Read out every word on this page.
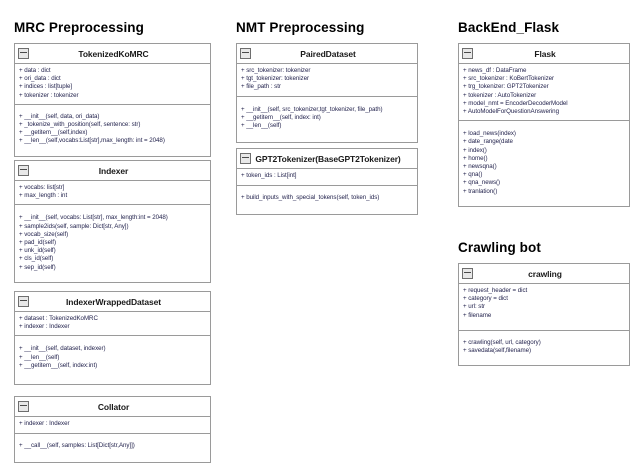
MRC Preprocessing
TokenizedKoMRC
+ data : dict
+ ori_data : dict
+ indices : list[tuple]
+ tokenizer : tokenizer
+ __init__(self, data, ori_data)
+ _tokenize_with_position(self, sentence: str)
+ __getitem__(self,index)
+ __len__(self,vocabs:List[str],max_length: int = 2048)
Indexer
+ vocabs: list[str]
+ max_length : int
+ __init__(self, vocabs: List[str], max_length:int = 2048)
+ sample2ids(self, sample: Dict[str, Any])
+ vocab_size(self)
+ pad_id(self)
+ unk_id(self)
+ cls_id(self)
+ sep_id(self)
IndexerWrappedDataset
+ dataset : TokenizedKoMRC
+ indexer : Indexer
+ __init__(self, dataset, indexer)
+ __len__(self)
+ __getitem__(self, index:int)
Collator
+ indexer : Indexer
+ __call__(self, samples: List[Dict[str,Any]])
NMT Preprocessing
PairedDataset
+ src_tokenizer: tokenizer
+ tgt_tokenizer: tokenizer
+ file_path : str
+ __init__(self, src_tokenizer,tgt_tokenizer, file_path)
+ __getitem__(self, index: int)
+ __len__(self)
GPT2Tokenizer(BaseGPT2Tokenizer)
+ token_ids : List[int]
+ build_inputs_with_special_tokens(self, token_ids)
BackEnd_Flask
Flask
+ news_df : DataFrame
+ src_tokenizer : KoBertTokenizer
+ trg_tokenizer: GPT2Tokenizer
+ tokenizer : AutoTokenizer
+ model_nmt = EncoderDecoderModel
+ AutoModelForQuestionAnswering
+ load_news(index)
+ date_range(date
+ index()
+ home()
+ newsqna()
+ qna()
+ qna_news()
+ tranlation()
Crawling bot
crawling
+ request_header = dict
+ category = dict
+ url: str
+ filename
+ crawling(self, url, category)
+ savedata(self,filename)
